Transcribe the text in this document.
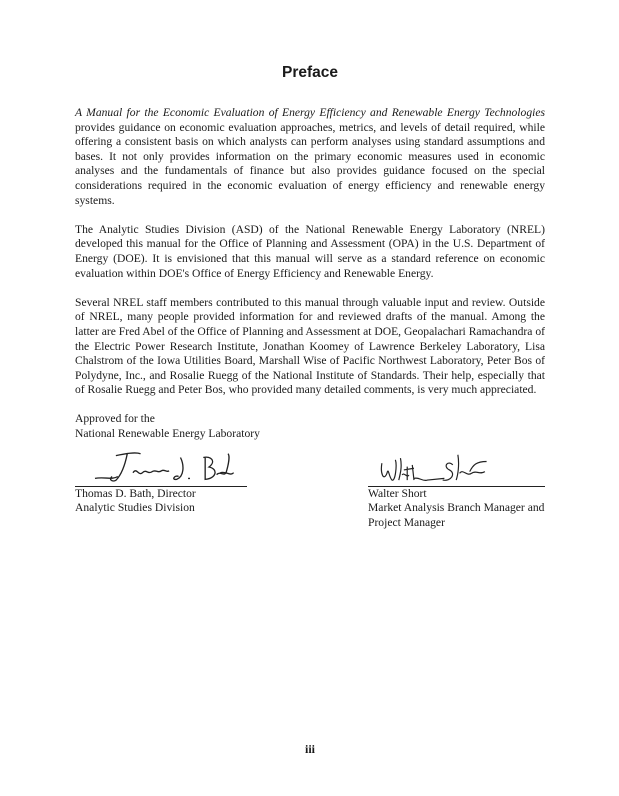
Preface

A Manual for the Economic Evaluation of Energy Efficiency and Renewable Energy Technologies provides guidance on economic evaluation approaches, metrics, and levels of detail required, while offering a consistent basis on which analysts can perform analyses using standard assumptions and bases. It not only provides information on the primary economic measures used in economic analyses and the fundamentals of finance but also provides guidance focused on the special considerations required in the economic evaluation of energy efficiency and renewable energy systems.

The Analytic Studies Division (ASD) of the National Renewable Energy Laboratory (NREL) developed this manual for the Office of Planning and Assessment (OPA) in the U.S. Department of Energy (DOE). It is envisioned that this manual will serve as a standard reference on economic evaluation within DOE's Office of Energy Efficiency and Renewable Energy.

Several NREL staff members contributed to this manual through valuable input and review. Outside of NREL, many people provided information for and reviewed drafts of the manual. Among the latter are Fred Abel of the Office of Planning and Assessment at DOE, Geopalachari Ramachandra of the Electric Power Research Institute, Jonathan Koomey of Lawrence Berkeley Laboratory, Lisa Chalstrom of the Iowa Utilities Board, Marshall Wise of Pacific Northwest Laboratory, Peter Bos of Polydyne, Inc., and Rosalie Ruegg of the National Institute of Standards. Their help, especially that of Rosalie Ruegg and Peter Bos, who provided many detailed comments, is very much appreciated.

Approved for the
National Renewable Energy Laboratory
Thomas D. Bath, Director
Analytic Studies Division
Walter Short
Market Analysis Branch Manager and
Project Manager
iii
